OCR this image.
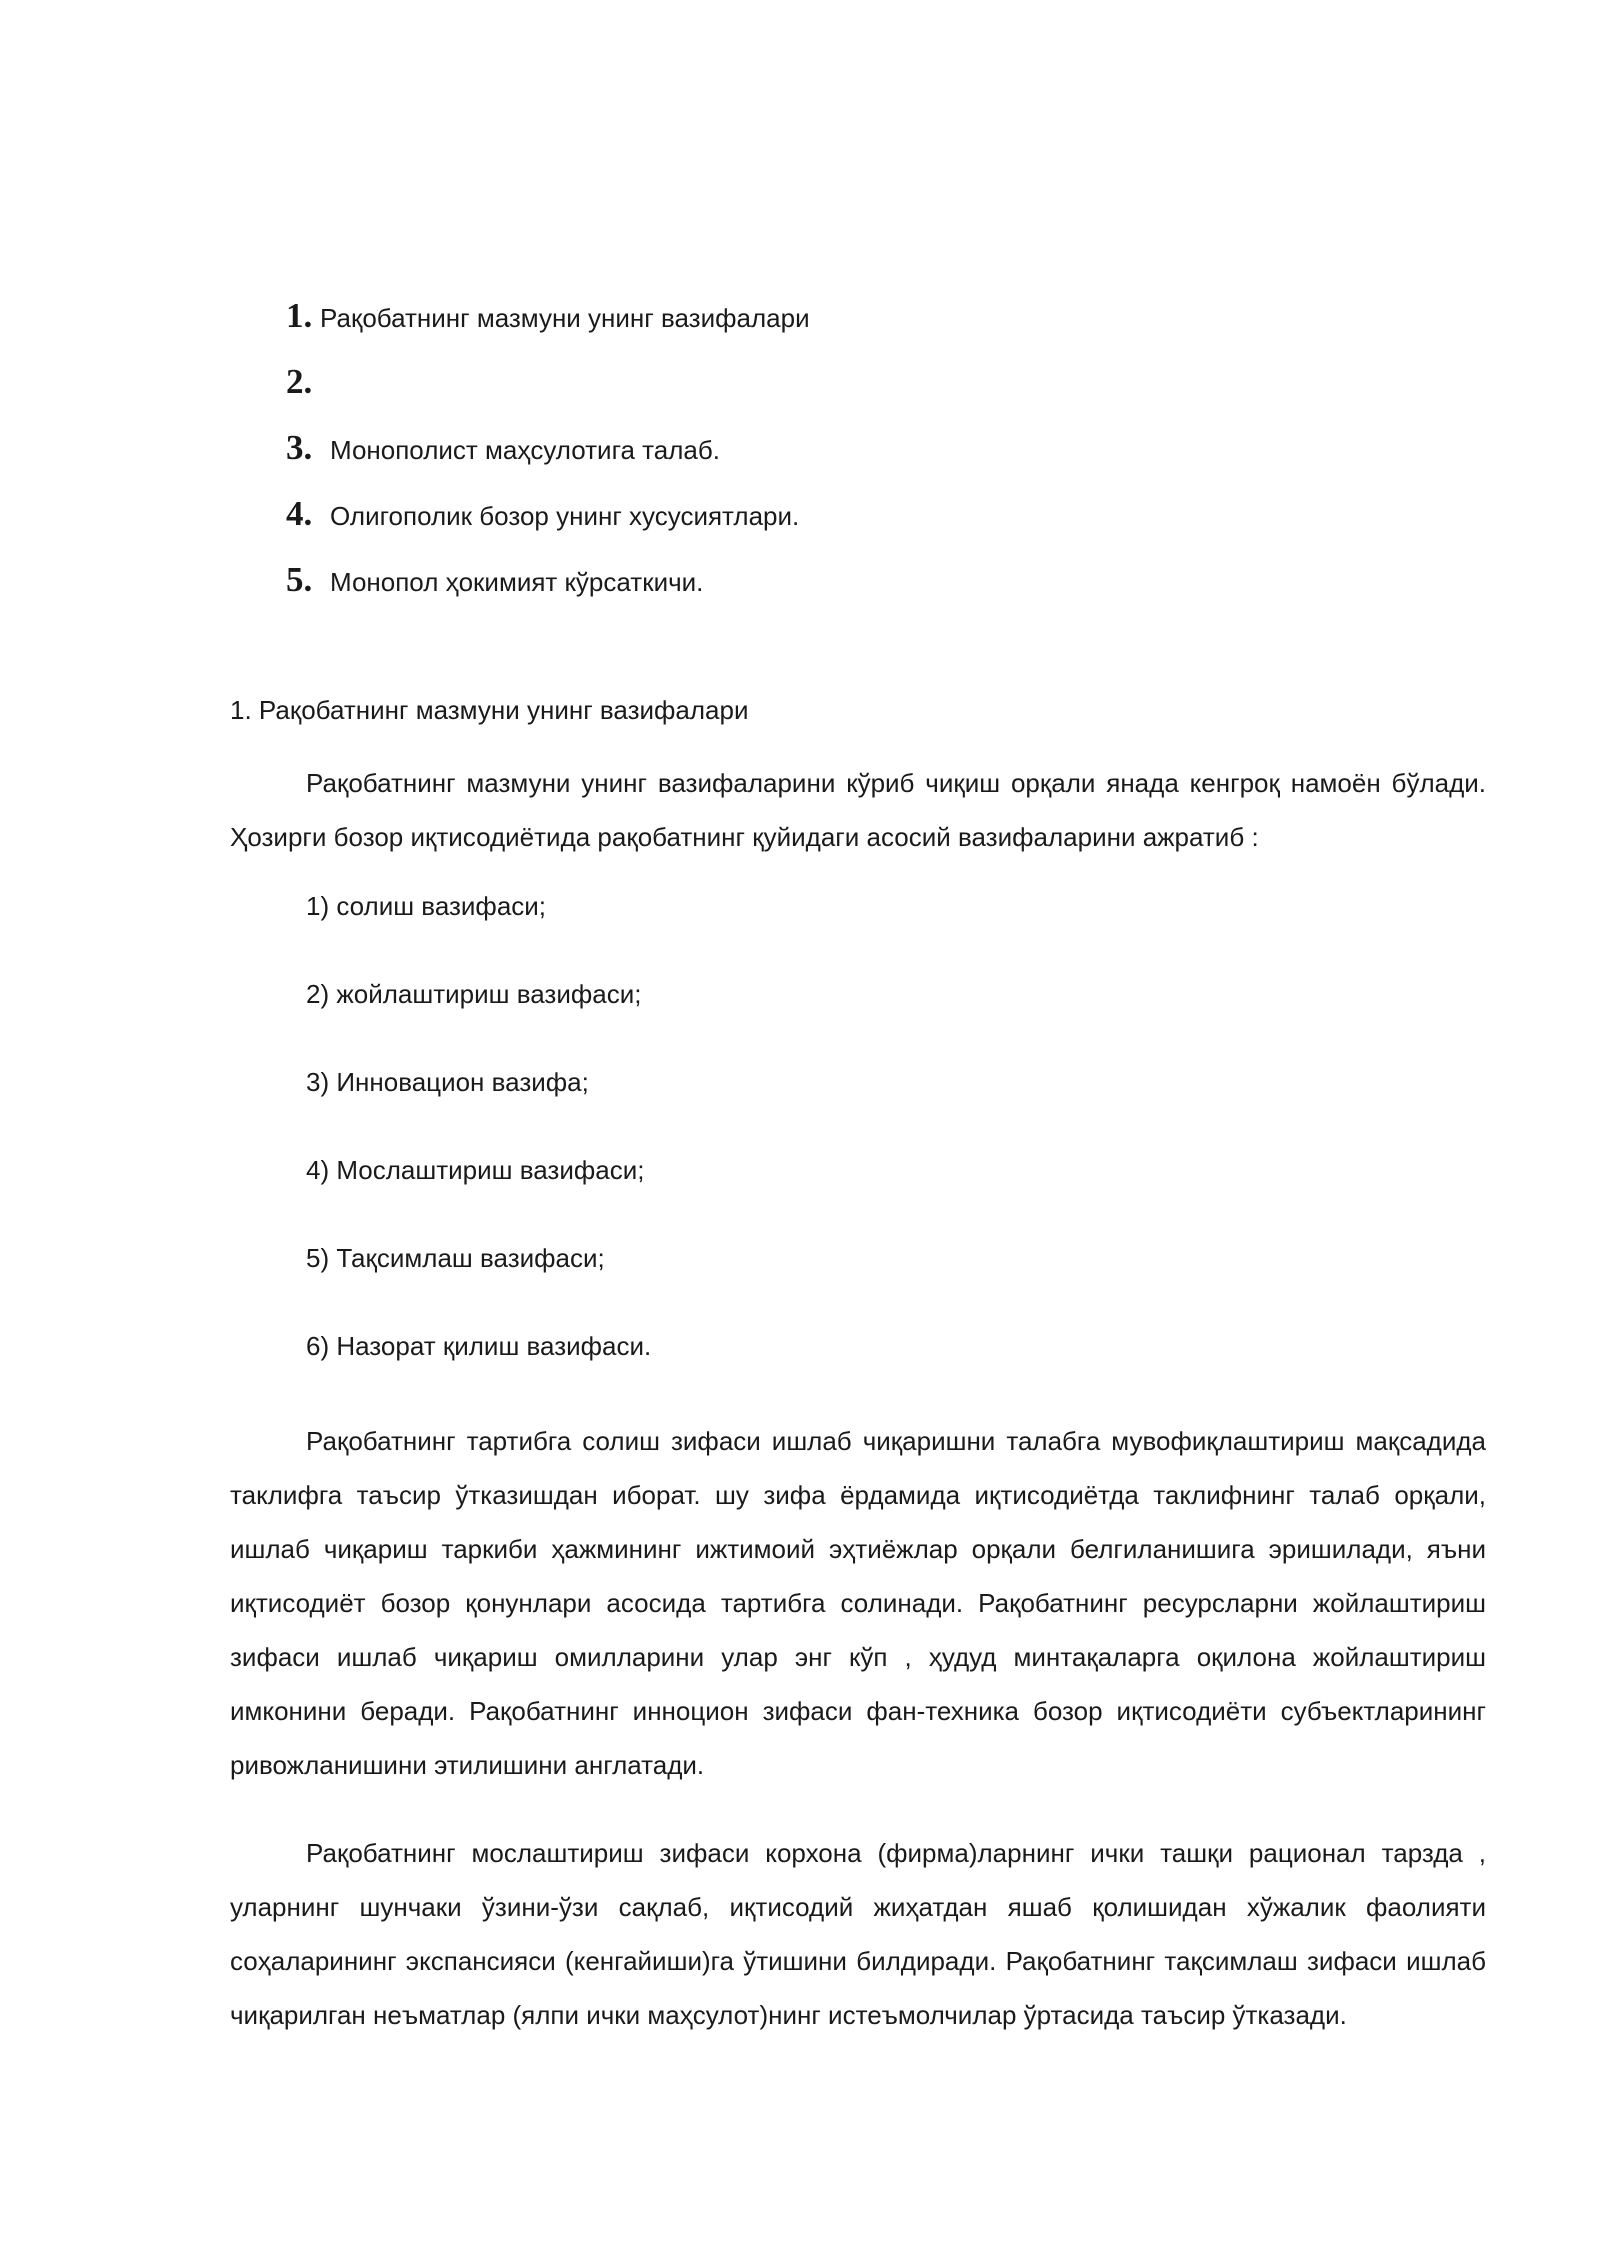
1. Рақобатнинг мазмуни унинг вазифалари
2.
3. Монополист маҳсулотига талаб.
4. Олигополик бозор унинг хусусиятлари.
5. Монопол ҳокимият кўрсаткичи.
1. Рақобатнинг мазмуни унинг вазифалари

Рақобатнинг мазмуни унинг вазифаларини кўриб чиқиш орқали янада кенгроқ намоён бўлади. Ҳозирги бозор иқтисодиётида рақобатнинг қуйидаги асосий вазифаларини ажратиб :

1) солиш вазифаси;
2) жойлаштириш вазифаси;
3) Инновацион вазифа;
4) Мослаштириш вазифаси;
5) Тақсимлаш вазифаси;
6) Назорат қилиш вазифаси.

Рақобатнинг тартибга солиш зифаси ишлаб чиқаришни талабга мувофиқлаштириш мақсадида таклифга таъсир ўтказишдан иборат. шу зифа ёрдамида иқтисодиётда таклифнинг талаб орқали, ишлаб чиқариш таркиби ҳажмининг ижтимоий эҳтиёжлар орқали белгиланишига эришилади, яъни иқтисодиёт бозор қонунлари асосида тартибга солинади. Рақобатнинг ресурсларни жойлаштириш зифаси ишлаб чиқариш омилларини улар энг кўп , ҳудуд минтақаларга оқилона жойлаштириш имконини беради. Рақобатнинг инноцион зифаси фан-техника бозор иқтисодиёти субъектларининг ривожланишини этилишини англатади.

Рақобатнинг мослаштириш зифаси корхона (фирма)ларнинг ички ташқи рационал тарзда , уларнинг шунчаки ўзини-ўзи сақлаб, иқтисодий жиҳатдан яшаб қолишидан хўжалик фаолияти соҳаларининг экспансияси (кенгайиши)га ўтишини билдиради. Рақобатнинг тақсимлаш зифаси ишлаб чиқарилган неъматлар (ялпи ички маҳсулот)нинг истеъмолчилар ўртасида таъсир ўтказади.
